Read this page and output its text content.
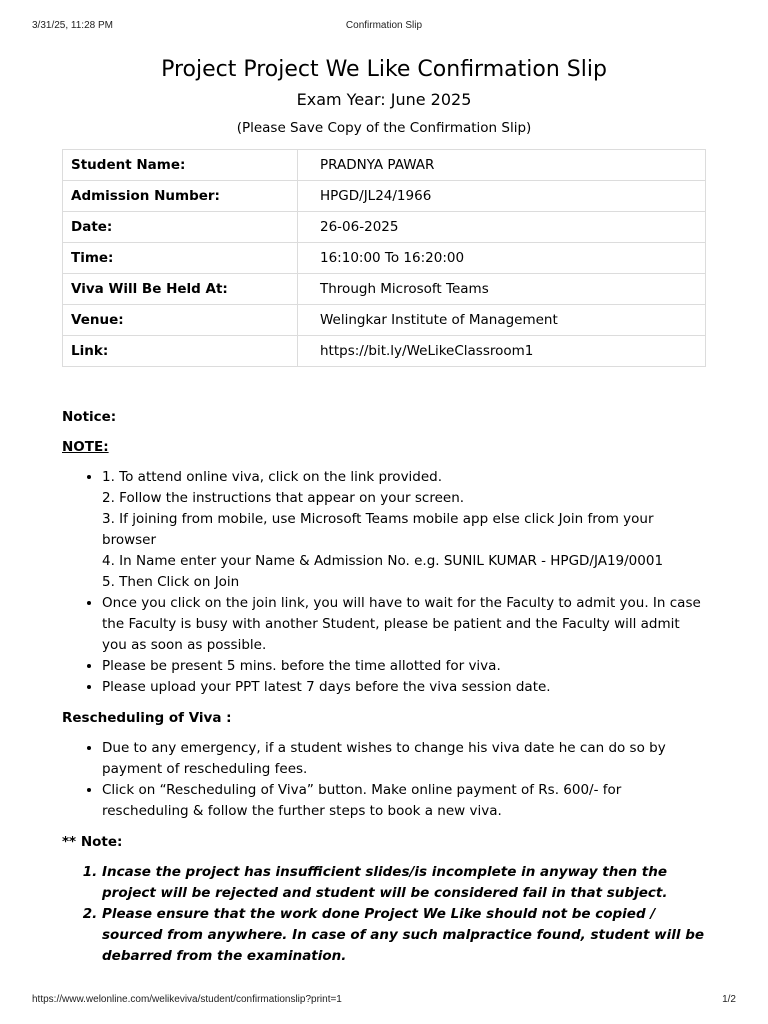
3/31/25, 11:28 PM	Confirmation Slip
Project Project We Like Confirmation Slip
Exam Year: June 2025
(Please Save Copy of the Confirmation Slip)
Student Name:	PRADNYA PAWAR
Admission Number:	HPGD/JL24/1966
Date:	26-06-2025
Time:	16:10:00 To 16:20:00
Viva Will Be Held At:	Through Microsoft Teams
Venue:	Welingkar Institute of Management
Link:	https://bit.ly/WeLikeClassroom1
Notice:
NOTE:
• 1. To attend online viva, click on the link provided.
2. Follow the instructions that appear on your screen.
3. If joining from mobile, use Microsoft Teams mobile app else click Join from your browser
4. In Name enter your Name & Admission No. e.g. SUNIL KUMAR - HPGD/JA19/0001
5. Then Click on Join
• Once you click on the join link, you will have to wait for the Faculty to admit you. In case the Faculty is busy with another Student, please be patient and the Faculty will admit you as soon as possible.
• Please be present 5 mins. before the time allotted for viva.
• Please upload your PPT latest 7 days before the viva session date.
Rescheduling of Viva :
• Due to any emergency, if a student wishes to change his viva date he can do so by payment of rescheduling fees.
• Click on “Rescheduling of Viva” button. Make online payment of Rs. 600/- for rescheduling & follow the further steps to book a new viva.
** Note:
1. Incase the project has insufficient slides/is incomplete in anyway then the project will be rejected and student will be considered fail in that subject.
2. Please ensure that the work done Project We Like should not be copied / sourced from anywhere. In case of any such malpractice found, student will be debarred from the examination.
https://www.welonline.com/welikeviva/student/confirmationslip?print=1	1/2
